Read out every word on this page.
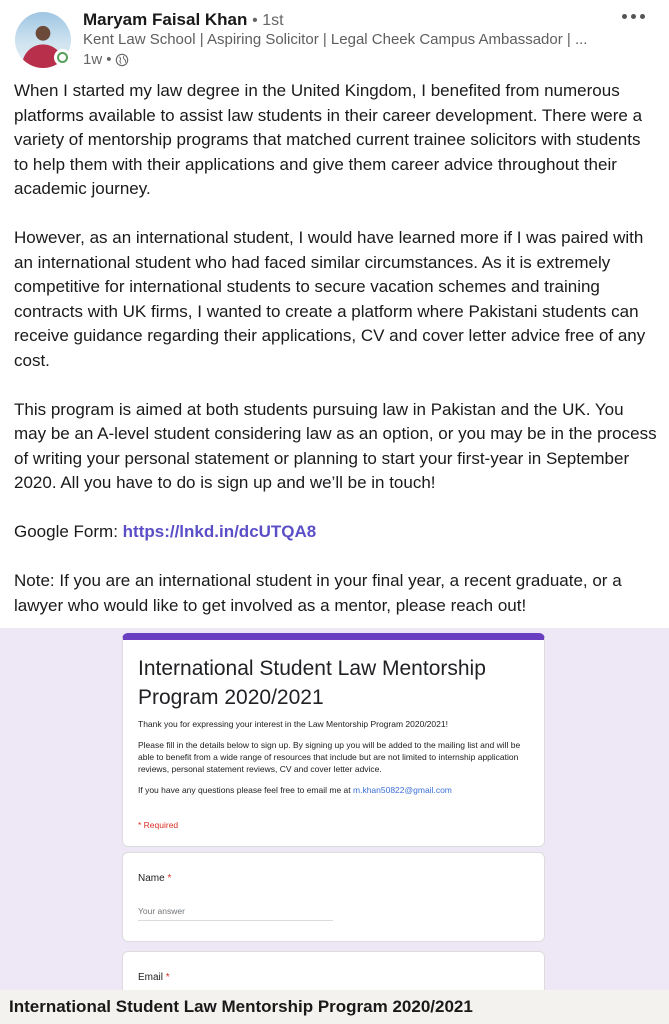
Maryam Faisal Khan • 1st
Kent Law School | Aspiring Solicitor | Legal Cheek Campus Ambassador | ...
1w •

When I started my law degree in the United Kingdom, I benefited from numerous platforms available to assist law students in their career development. There were a variety of mentorship programs that matched current trainee solicitors with students to help them with their applications and give them career advice throughout their academic journey.

However, as an international student, I would have learned more if I was paired with an international student who had faced similar circumstances. As it is extremely competitive for international students to secure vacation schemes and training contracts with UK firms, I wanted to create a platform where Pakistani students can receive guidance regarding their applications, CV and cover letter advice free of any cost.

This program is aimed at both students pursuing law in Pakistan and the UK. You may be an A-level student considering law as an option, or you may be in the process of writing your personal statement or planning to start your first-year in September 2020. All you have to do is sign up and we’ll be in touch!

Google Form: https://lnkd.in/dcUTQA8

Note: If you are an international student in your final year, a recent graduate, or a lawyer who would like to get involved as a mentor, please reach out!

International Student Law Mentorship Program 2020/2021

Thank you for expressing your interest in the Law Mentorship Program 2020/2021!

Please fill in the details below to sign up. By signing up you will be added to the mailing list and will be able to benefit from a wide range of resources that include but are not limited to internship application reviews, personal statement reviews, CV and cover letter advice.

If you have any questions please feel free to email me at m.khan50822@gmail.com

* Required
Name *
Your answer
Email *
International Student Law Mentorship Program 2020/2021
